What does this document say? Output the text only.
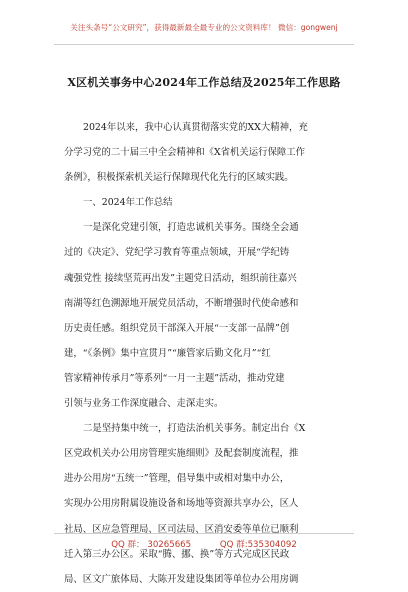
关注头条号“公文研究”，获得最新最全最专业的公文资料库！ 微信：gongwenj
X区机关事务中心2024年工作总结及2025年工作思路
2024年以来，我中心认真贯彻落实党的XX大精神，充
分学习党的二十届三中全会精神和《X省机关运行保障工作
条例》，积极探索机关运行保障现代化先行的区域实践。
一、2024年工作总结
一是深化党建引领，打造忠诚机关事务。围绕全会通
过的《决定》、党纪学习教育等重点领域，开展“学纪铸
魂强党性 接续坚荒再出发”主题党日活动，组织前往嘉兴
南湖等红色溯源地开展党员活动，不断增强时代使命感和
历史责任感。组织党员干部深入开展“一支部一品牌”创
建，“《条例》集中宣贯月”“廉管家后勤文化月”“红
管家精神传承月”等系列“一月一主题”活动，推动党建
引领与业务工作深度融合、走深走实。
二是坚持集中统一，打造法治机关事务。制定出台《X
区党政机关办公用房管理实施细则》及配套制度流程，推
进办公用房“五统一”管理，倡导集中或相对集中办公，
实现办公用房附属设施设备和场地等资源共享办公，区人
社局、区应急管理局、区司法局、区消安委等单位已顺利
迁入第三办公区。采取“腾、挪、换”等方式完成区民政
局、区文广旅体局、大陈开发建设集团等单位办公用房调
QQ 群： 30265665	QQ 群:535304092
